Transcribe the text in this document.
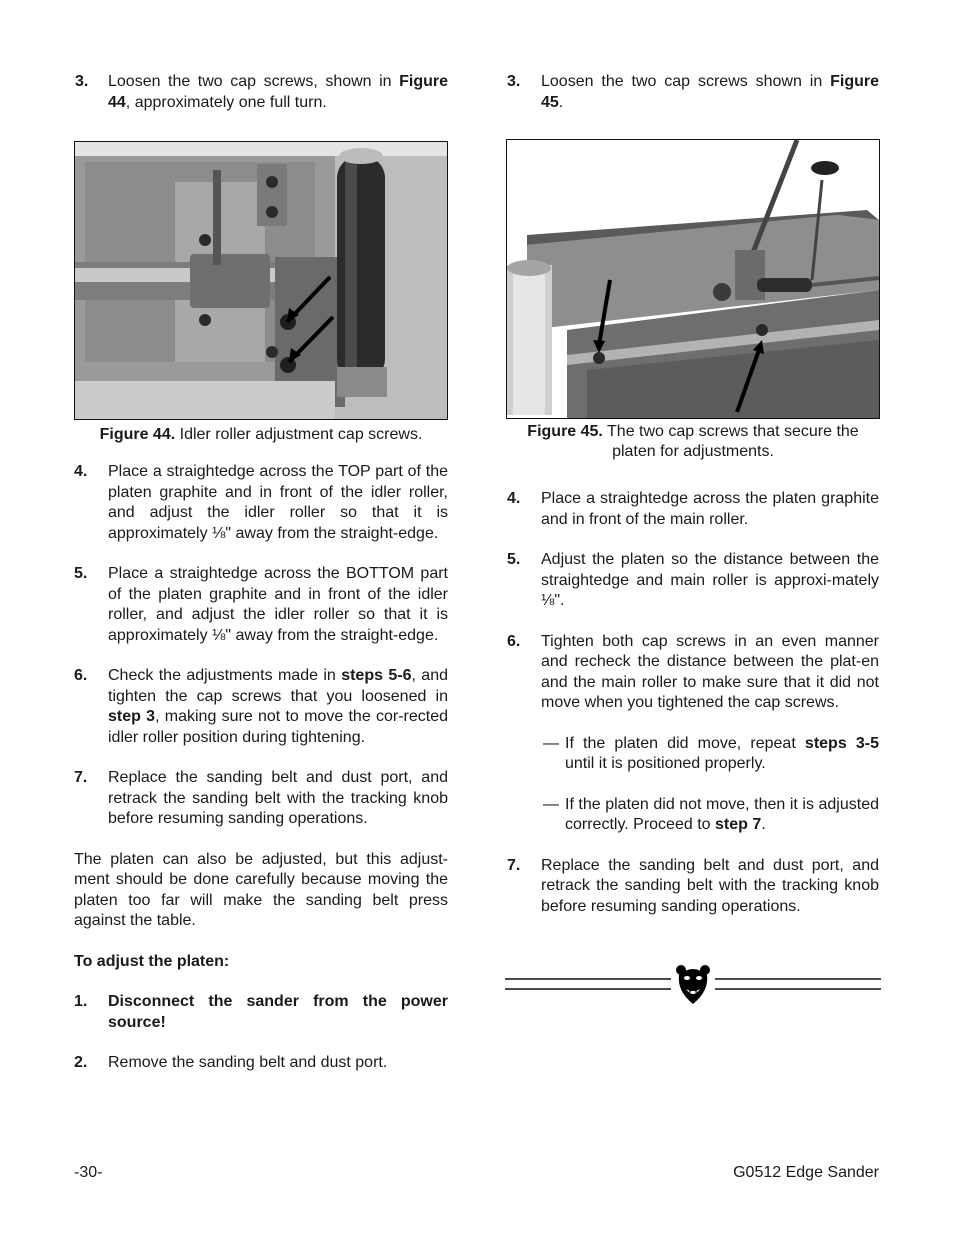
3. Loosen the two cap screws, shown in Figure 44, approximately one full turn.

Figure 44. Idler roller adjustment cap screws.

4. Place a straightedge across the TOP part of the platen graphite and in front of the idler roller, and adjust the idler roller so that it is approximately ⅛" away from the straight-edge.

5. Place a straightedge across the BOTTOM part of the platen graphite and in front of the idler roller, and adjust the idler roller so that it is approximately ⅛" away from the straight-edge.

6. Check the adjustments made in steps 5-6, and tighten the cap screws that you loosened in step 3, making sure not to move the cor-rected idler roller position during tightening.

7. Replace the sanding belt and dust port, and retrack the sanding belt with the tracking knob before resuming sanding operations.

The platen can also be adjusted, but this adjust-ment should be done carefully because moving the platen too far will make the sanding belt press against the table.

To adjust the platen:

1. Disconnect the sander from the power source!

2. Remove the sanding belt and dust port.

3. Loosen the two cap screws shown in Figure 45.

Figure 45. The two cap screws that secure the
platen for adjustments.

4. Place a straightedge across the platen graphite and in front of the main roller.

5. Adjust the platen so the distance between the straightedge and main roller is approxi-mately ⅛".

6. Tighten both cap screws in an even manner and recheck the distance between the plat-en and the main roller to make sure that it did not move when you tightened the cap screws.

— If the platen did move, repeat steps 3-5 until it is positioned properly.

— If the platen did not move, then it is adjusted correctly. Proceed to step 7.

7. Replace the sanding belt and dust port, and retrack the sanding belt with the tracking knob before resuming sanding operations.

-30-	G0512 Edge Sander
